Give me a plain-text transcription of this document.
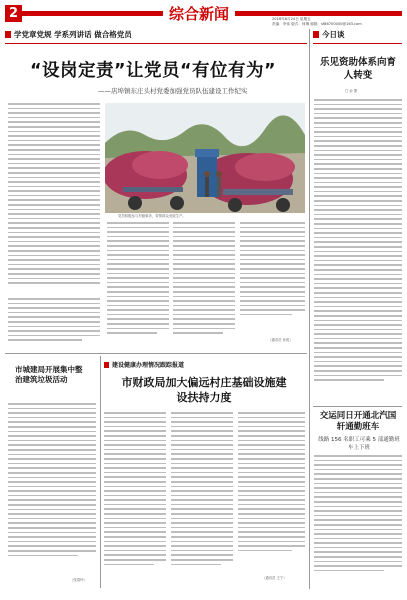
2	综合新闻	2018年8月24日 星期五
责编：李伟 版式：何琳 邮箱：sf86700000@163.com
学党章党规 学系列讲话 做合格党员
“设岗定责”让党员“有位有为”
——店埠镇东庄头村党委加强党员队伍建设工作纪实
党员积极参与村级事务，带领群众发展生产。
（通讯员 孙悦）
今日谈
乐见资助体系向育人转变
□ 余 萧
交运同日开通北汽国轩通勤班车
线路 156 名职工可乘 5 部通勤班车上下班
市城建局开展集中整治建筑垃圾活动
（张春玲）
建设健康办理情况跟踪报道
市财政局加大偏远村庄基础设施建设扶持力度
（通讯员 王宁）
